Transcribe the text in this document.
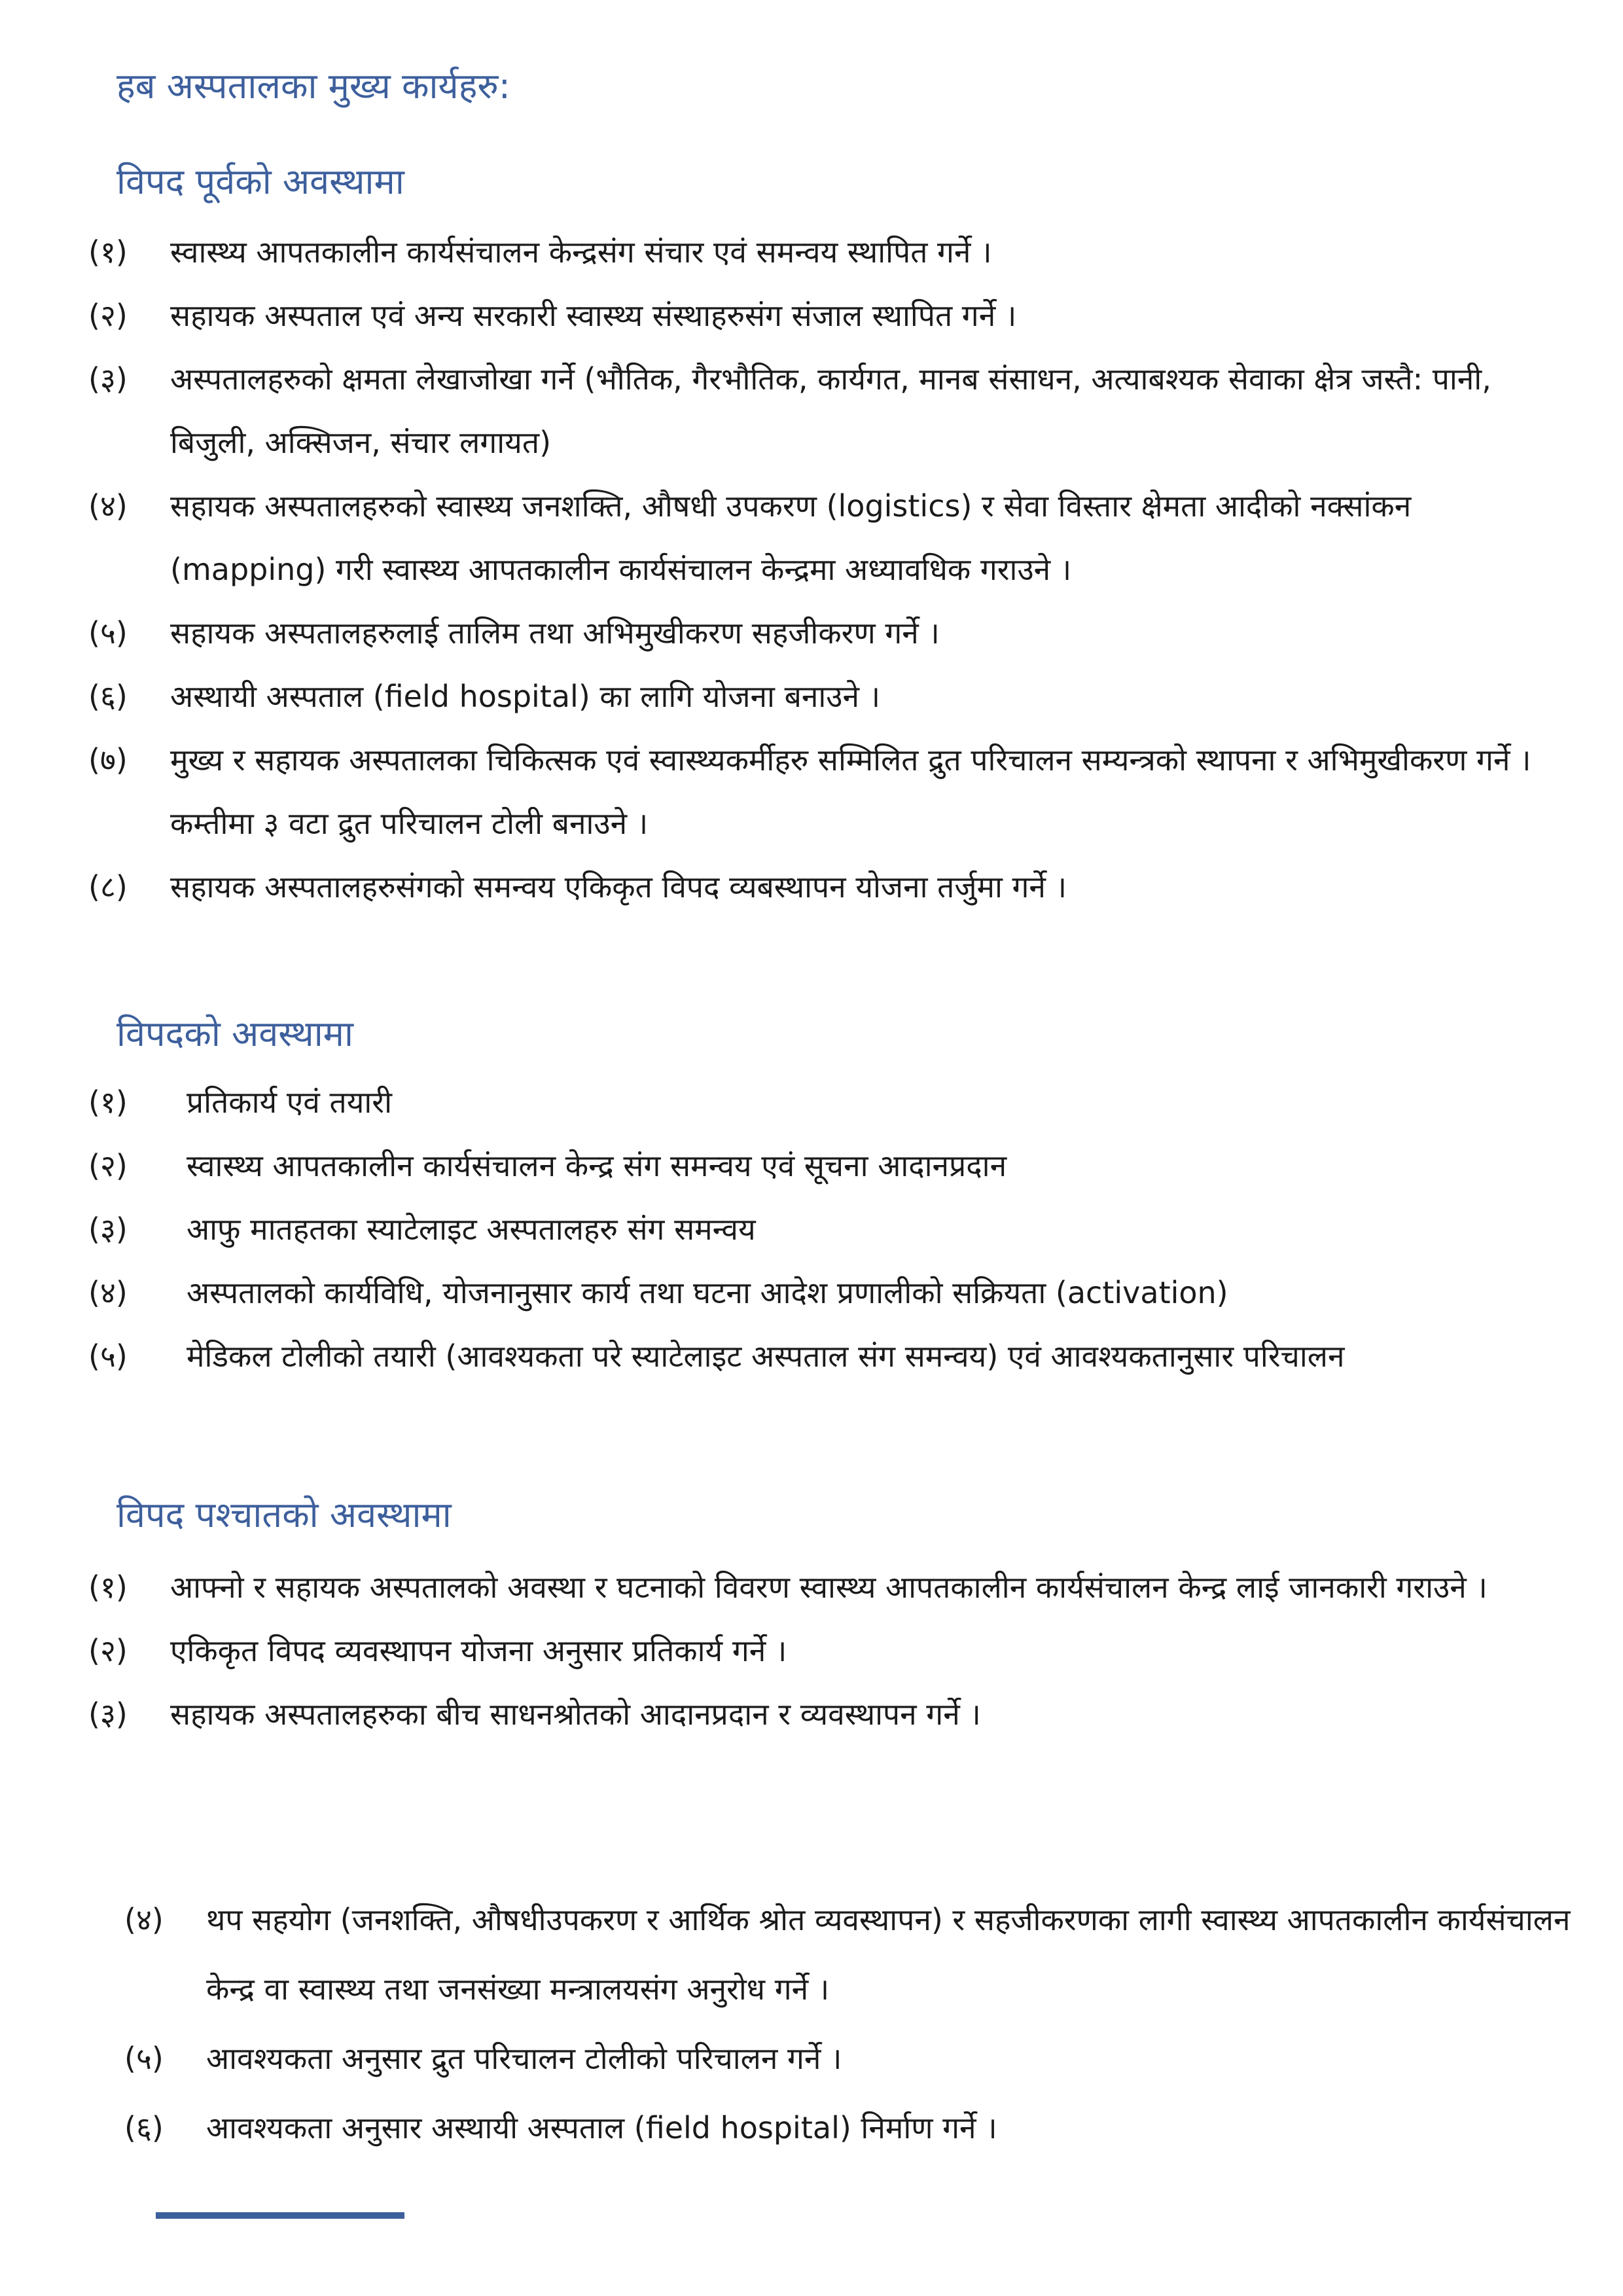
हब अस्पतालका मुख्य कार्यहरु:
विपद पूर्वको अवस्थामा
(१)	स्वास्थ्य आपतकालीन कार्यसंचालन केन्द्रसंग संचार एवं समन्वय स्थापित गर्ने ।
(२)	सहायक अस्पताल एवं अन्य सरकारी स्वास्थ्य संस्थाहरुसंग संजाल स्थापित गर्ने ।
(३)	अस्पतालहरुको क्षमता लेखाजोखा गर्ने (भौतिक, गैरभौतिक, कार्यगत, मानब संसाधन, अत्याबश्यक सेवाका क्षेत्र जस्तै: पानी, बिजुली, अक्सिजन, संचार लगायत)
(४)	सहायक अस्पतालहरुको स्वास्थ्य जनशक्ति, औषधी उपकरण (logistics) र सेवा विस्तार क्षेमता आदीको नक्सांकन (mapping) गरी स्वास्थ्य आपतकालीन कार्यसंचालन केन्द्रमा अध्यावधिक गराउने ।
(५)	सहायक अस्पतालहरुलाई तालिम तथा अभिमुखीकरण सहजीकरण गर्ने ।
(६)	अस्थायी अस्पताल (field hospital) का लागि योजना बनाउने ।
(७)	मुख्य र सहायक अस्पतालका चिकित्सक एवं स्वास्थ्यकर्मीहरु सम्मिलित द्रुत परिचालन सम्यन्त्रको स्थापना र अभिमुखीकरण गर्ने । कम्तीमा ३ वटा द्रुत परिचालन टोली बनाउने ।
(८)	सहायक अस्पतालहरुसंगको समन्वय एकिकृत विपद व्यबस्थापन योजना तर्जुमा गर्ने ।
विपदको अवस्थामा
(१)	प्रतिकार्य एवं तयारी
(२)	स्वास्थ्य आपतकालीन कार्यसंचालन केन्द्र संग समन्वय एवं सूचना आदानप्रदान
(३)	आफु मातहतका स्याटेलाइट अस्पतालहरु संग समन्वय
(४)	अस्पतालको कार्यविधि, योजनानुसार कार्य तथा घटना आदेश प्रणालीको सक्रियता (activation)
(५)	मेडिकल टोलीको तयारी (आवश्यकता परे स्याटेलाइट अस्पताल संग समन्वय) एवं आवश्यकतानुसार परिचालन
विपद पश्चातको अवस्थामा
(१)	आफ्नो र सहायक अस्पतालको अवस्था र घटनाको विवरण स्वास्थ्य आपतकालीन कार्यसंचालन केन्द्र लाई जानकारी गराउने ।
(२)	एकिकृत विपद व्यवस्थापन योजना अनुसार प्रतिकार्य गर्ने ।
(३)	सहायक अस्पतालहरुका बीच साधनश्रोतको आदानप्रदान र व्यवस्थापन गर्ने ।
(४)	थप सहयोग (जनशक्ति, औषधीउपकरण र आर्थिक श्रोत व्यवस्थापन) र सहजीकरणका लागी स्वास्थ्य आपतकालीन कार्यसंचालन केन्द्र वा स्वास्थ्य तथा जनसंख्या मन्त्रालयसंग अनुरोध गर्ने ।
(५)	आवश्यकता अनुसार द्रुत परिचालन टोलीको परिचालन गर्ने ।
(६)	आवश्यकता अनुसार अस्थायी अस्पताल (field hospital) निर्माण गर्ने ।
